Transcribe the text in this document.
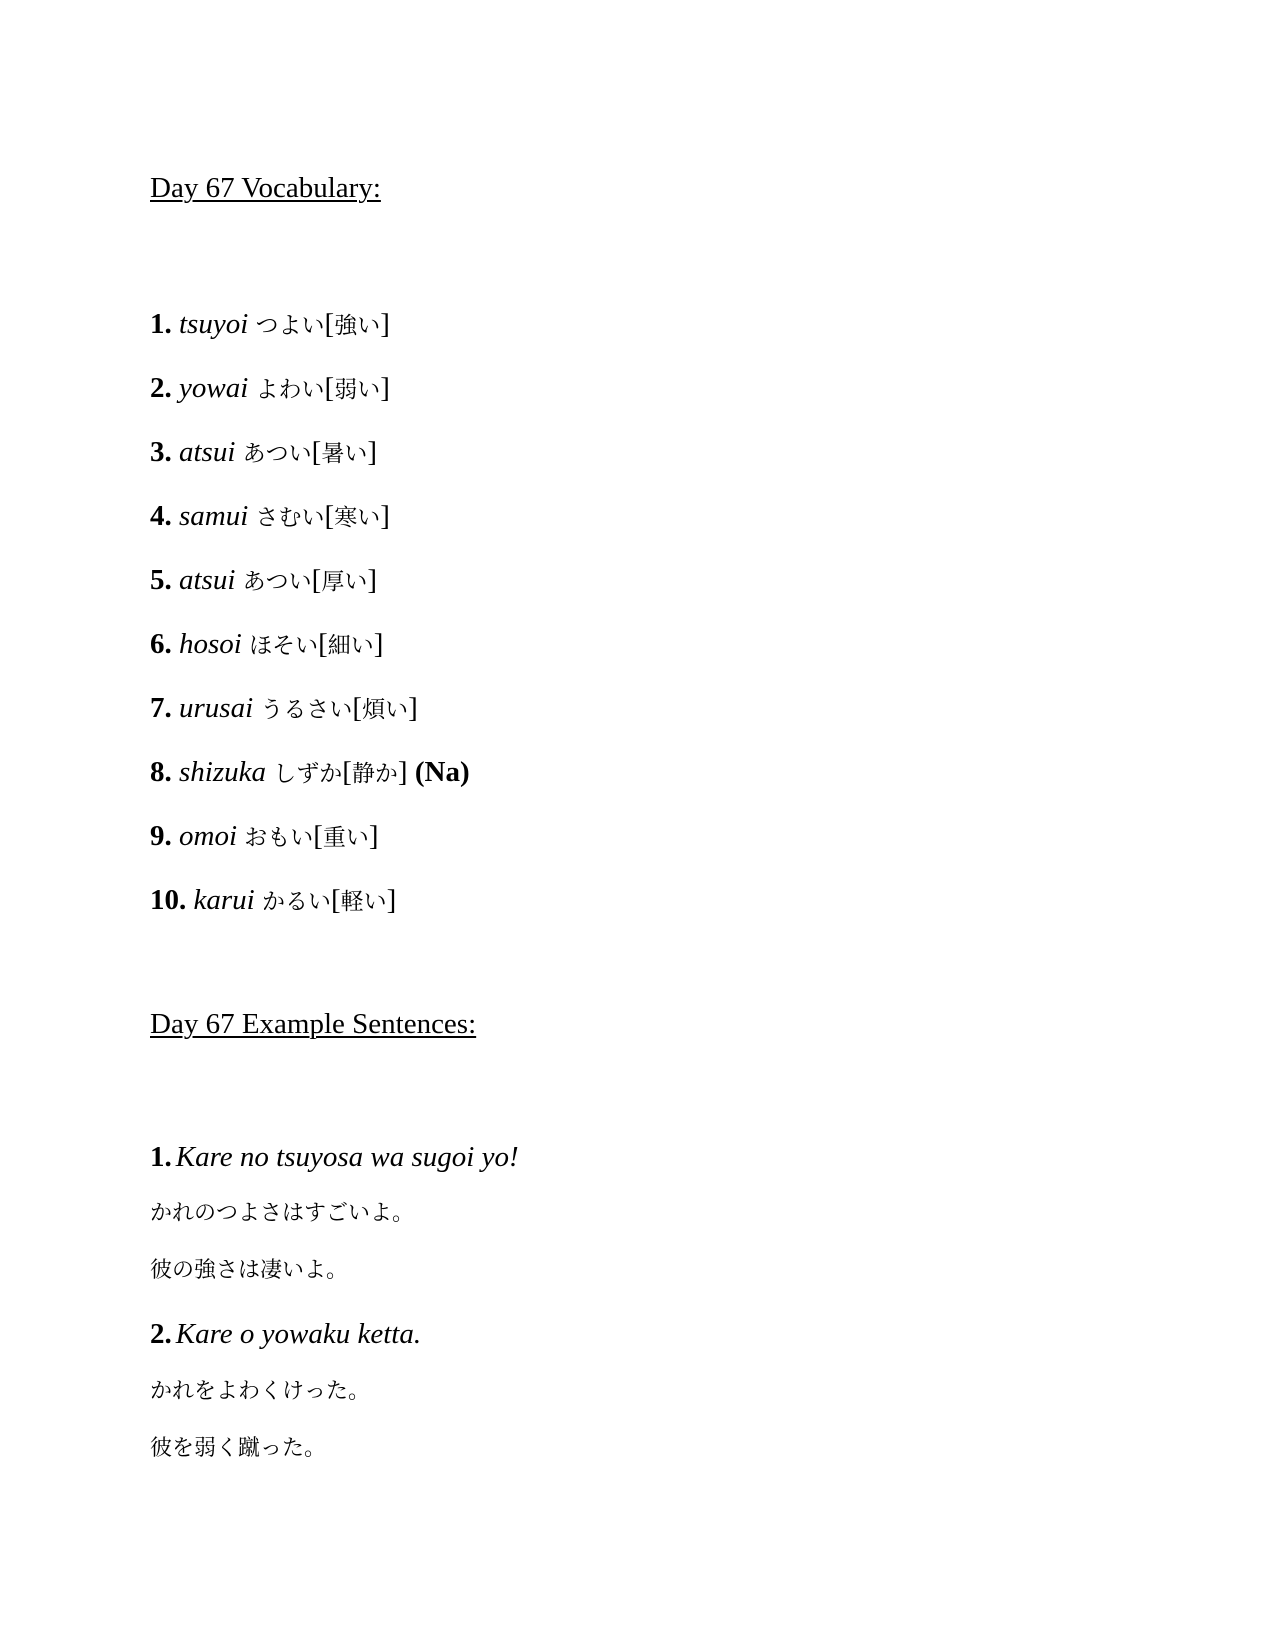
Day 67 Vocabulary:
1. tsuyoi つよい[強い]
2. yowai よわい[弱い]
3. atsui あつい[暑い]
4. samui さむい[寒い]
5. atsui あつい[厚い]
6. hosoi ほそい[細い]
7. urusai うるさい[煩い]
8. shizuka しずか[静か] (Na)
9. omoi おもい[重い]
10. karui かるい[軽い]
Day 67 Example Sentences:
1. Kare no tsuyosa wa sugoi yo!
かれのつよさはすごいよ。
彼の強さは凄いよ。
2. Kare o yowaku ketta.
かれをよわくけった。
彼を弱く蹴った。
